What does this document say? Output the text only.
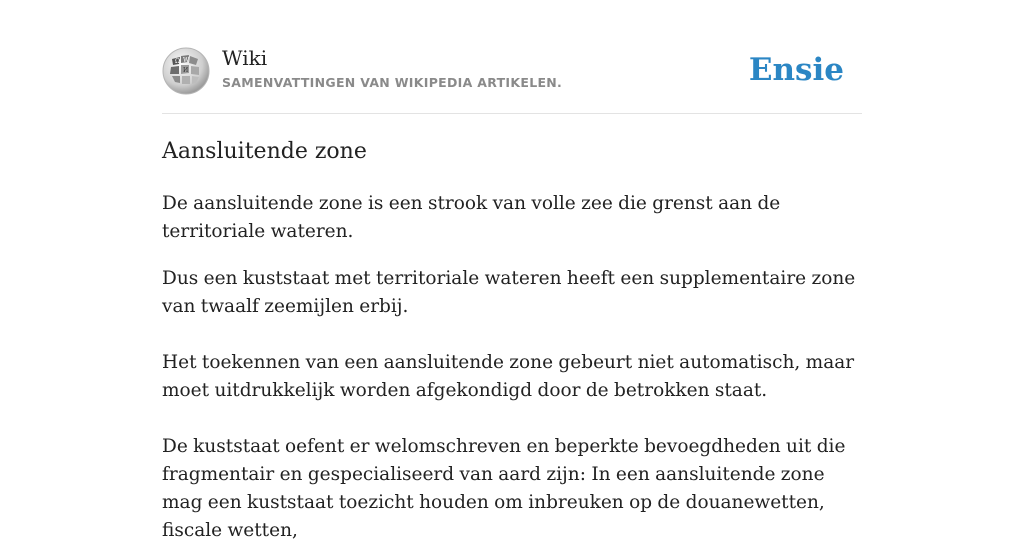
Ω W
И
Wiki
SAMENVATTINGEN VAN WIKIPEDIA ARTIKELEN.	Ensie
Aansluitende zone

De aansluitende zone is een strook van volle zee die grenst aan de territoriale wateren.

Dus een kuststaat met territoriale wateren heeft een supplementaire zone van twaalf zeemijlen erbij.

Het toekennen van een aansluitende zone gebeurt niet automatisch, maar moet uitdrukkelijk worden afgekondigd door de betrokken staat.

De kuststaat oefent er welomschreven en beperkte bevoegdheden uit die fragmentair en gespecialiseerd van aard zijn: In een aansluitende zone mag een kuststaat toezicht houden om inbreuken op de douanewetten, fiscale wetten,
